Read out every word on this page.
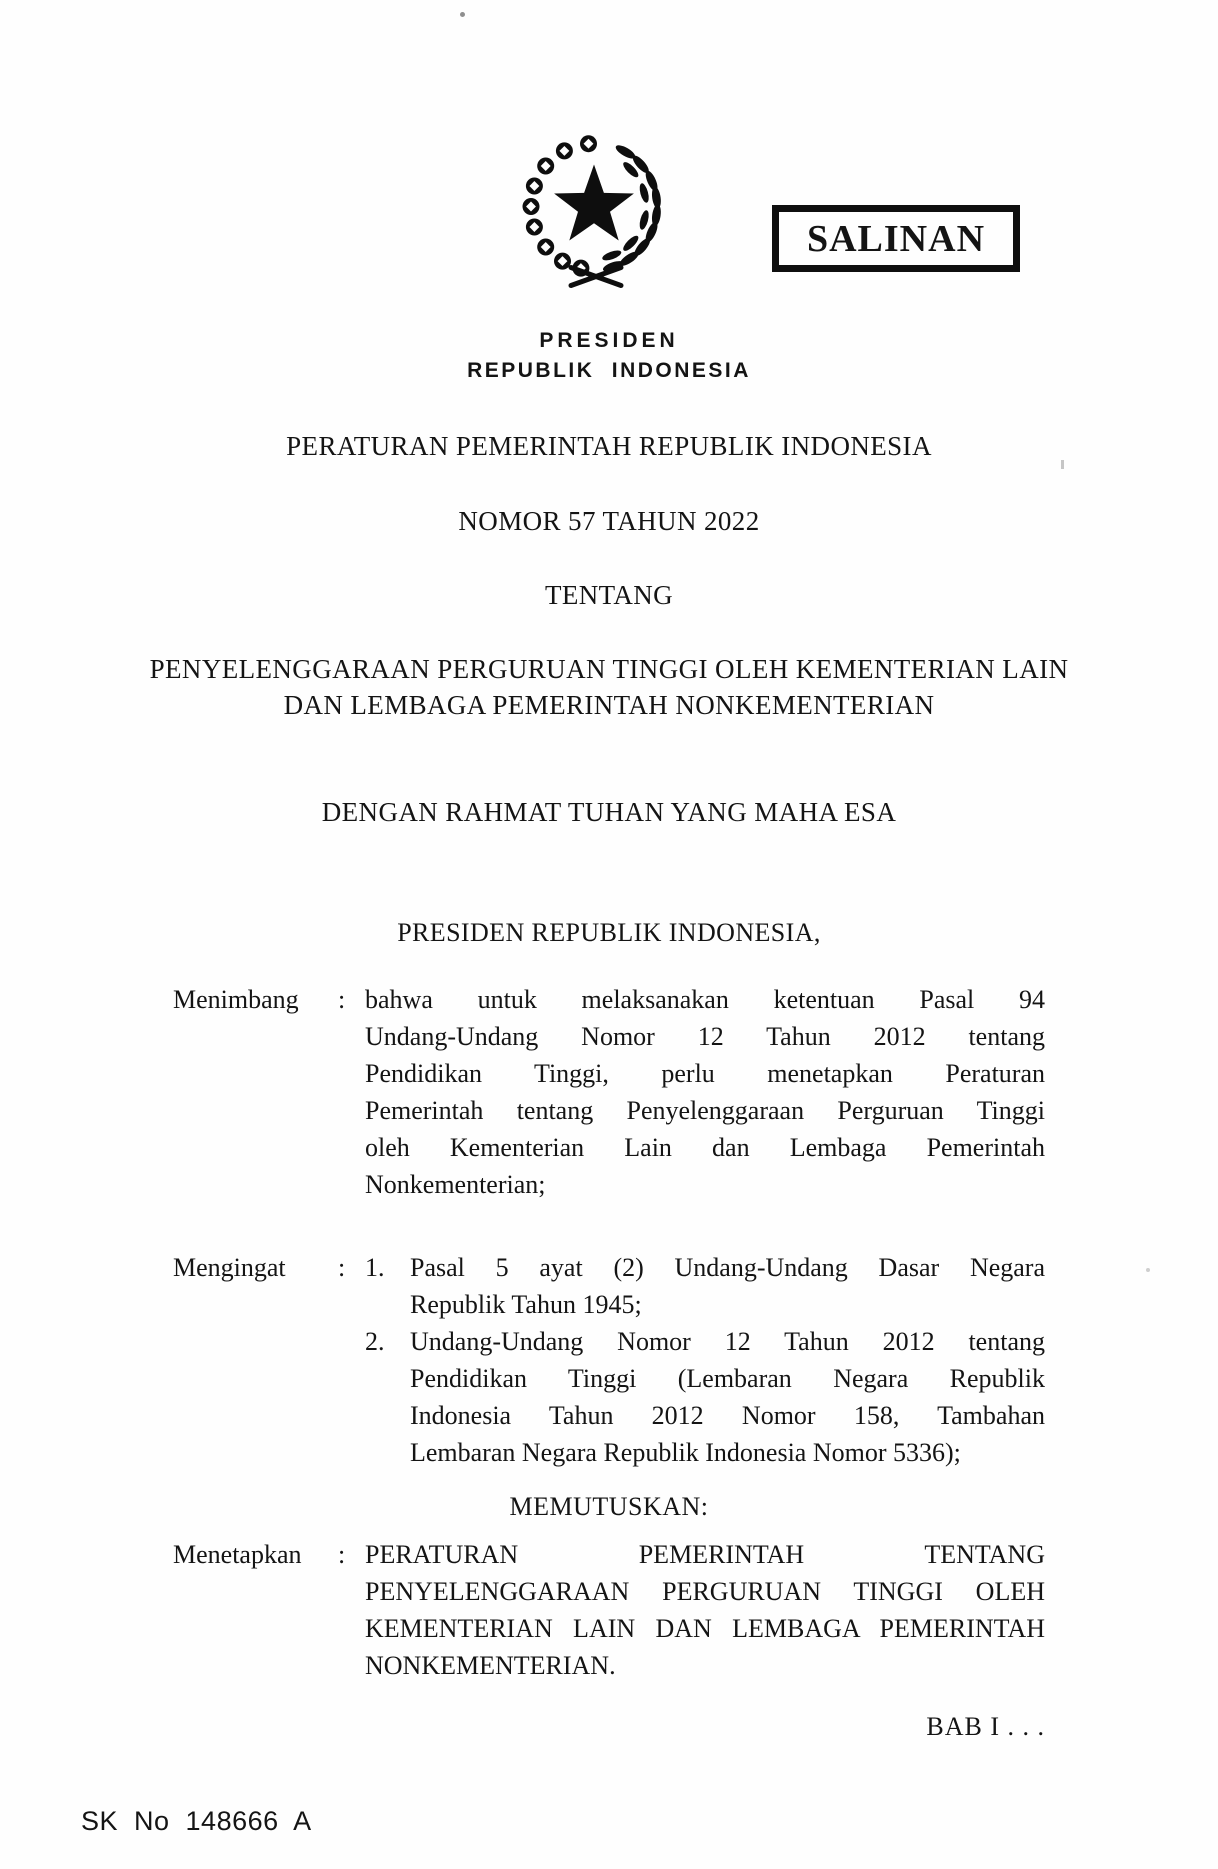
SALINAN
PRESIDEN
REPUBLIK INDONESIA
PERATURAN PEMERINTAH REPUBLIK INDONESIA
NOMOR 57 TAHUN 2022
TENTANG
PENYELENGGARAAN PERGURUAN TINGGI OLEH KEMENTERIAN LAIN
DAN LEMBAGA PEMERINTAH NONKEMENTERIAN
DENGAN RAHMAT TUHAN YANG MAHA ESA
PRESIDEN REPUBLIK INDONESIA,
Menimbang	: bahwa untuk melaksanakan ketentuan Pasal 94
Undang-Undang Nomor 12 Tahun 2012 tentang
Pendidikan Tinggi, perlu menetapkan Peraturan
Pemerintah tentang Penyelenggaraan Perguruan Tinggi
oleh Kementerian Lain dan Lembaga Pemerintah
Nonkementerian;
Mengingat	: 1. Pasal 5 ayat (2) Undang-Undang Dasar Negara
Republik Tahun 1945;
2. Undang-Undang Nomor 12 Tahun 2012 tentang
Pendidikan Tinggi (Lembaran Negara Republik
Indonesia Tahun 2012 Nomor 158, Tambahan
Lembaran Negara Republik Indonesia Nomor 5336);
MEMUTUSKAN:
Menetapkan	: PERATURAN PEMERINTAH TENTANG
PENYELENGGARAAN PERGURUAN TINGGI OLEH
KEMENTERIAN LAIN DAN LEMBAGA PEMERINTAH
NONKEMENTERIAN.
BAB I . . .
SK No 148666 A
